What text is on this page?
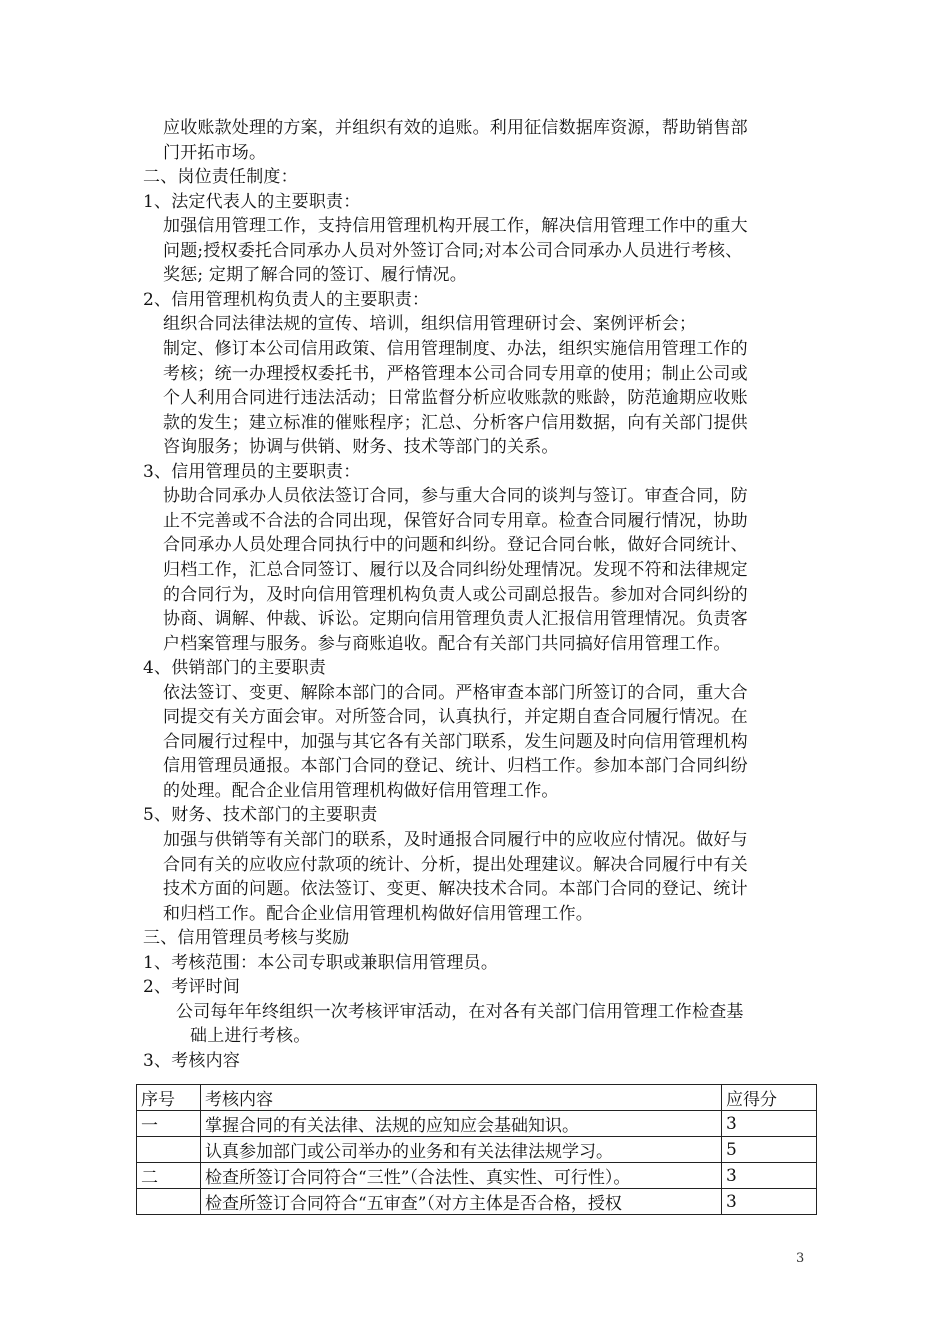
应收账款处理的方案，并组织有效的追账。利用征信数据库资源，帮助销售部
门开拓市场。
二、岗位责任制度：
1、法定代表人的主要职责：
加强信用管理工作，支持信用管理机构开展工作，解决信用管理工作中的重大
问题;授权委托合同承办人员对外签订合同;对本公司合同承办人员进行考核、
奖惩; 定期了解合同的签订、履行情况。
2、信用管理机构负责人的主要职责：
组织合同法律法规的宣传、培训，组织信用管理研讨会、案例评析会；
制定、修订本公司信用政策、信用管理制度、办法，组织实施信用管理工作的
考核；统一办理授权委托书，严格管理本公司合同专用章的使用；制止公司或
个人利用合同进行违法活动；日常监督分析应收账款的账龄，防范逾期应收账
款的发生；建立标准的催账程序；汇总、分析客户信用数据，向有关部门提供
咨询服务；协调与供销、财务、技术等部门的关系。
3、信用管理员的主要职责：
协助合同承办人员依法签订合同，参与重大合同的谈判与签订。审查合同，防
止不完善或不合法的合同出现，保管好合同专用章。检查合同履行情况，协助
合同承办人员处理合同执行中的问题和纠纷。登记合同台帐，做好合同统计、
归档工作，汇总合同签订、履行以及合同纠纷处理情况。发现不符和法律规定
的合同行为，及时向信用管理机构负责人或公司副总报告。参加对合同纠纷的
协商、调解、仲裁、诉讼。定期向信用管理负责人汇报信用管理情况。负责客
户档案管理与服务。参与商账追收。配合有关部门共同搞好信用管理工作。
4、供销部门的主要职责
依法签订、变更、解除本部门的合同。严格审查本部门所签订的合同，重大合
同提交有关方面会审。对所签合同，认真执行，并定期自查合同履行情况。在
合同履行过程中，加强与其它各有关部门联系，发生问题及时向信用管理机构
信用管理员通报。本部门合同的登记、统计、归档工作。参加本部门合同纠纷
的处理。配合企业信用管理机构做好信用管理工作。
5、财务、技术部门的主要职责
加强与供销等有关部门的联系，及时通报合同履行中的应收应付情况。做好与
合同有关的应收应付款项的统计、分析，提出处理建议。解决合同履行中有关
技术方面的问题。依法签订、变更、解决技术合同。本部门合同的登记、统计
和归档工作。配合企业信用管理机构做好信用管理工作。
三、信用管理员考核与奖励
1、考核范围：本公司专职或兼职信用管理员。
2、考评时间
公司每年年终组织一次考核评审活动，在对各有关部门信用管理工作检查基
础上进行考核。
3、考核内容
序号	考核内容	应得分
一	掌握合同的有关法律、法规的应知应会基础知识。	3
	认真参加部门或公司举办的业务和有关法律法规学习。	5
二	检查所签订合同符合“三性”（合法性、真实性、可行性）。	3
	检查所签订合同符合“五审查”（对方主体是否合格，授权	3
3
